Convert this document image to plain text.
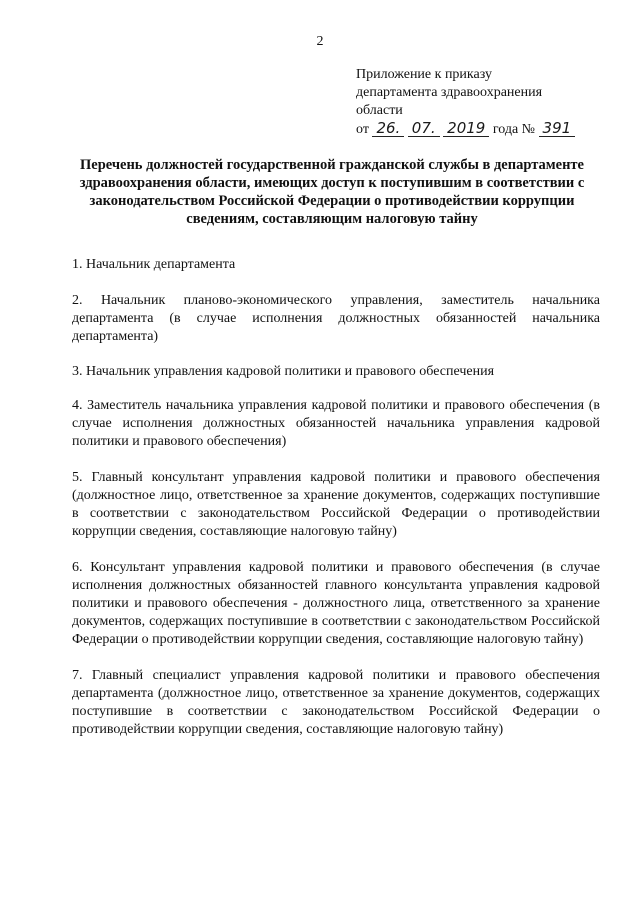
2
Приложение к приказу
департамента здравоохранения
области
от 26. 07. 2019 года № 391
Перечень должностей государственной гражданской службы в департаменте здравоохранения области, имеющих доступ к поступившим в соответствии с законодательством Российской Федерации о противодействии коррупции сведениям, составляющим налоговую тайну

1. Начальник департамента

2. Начальник планово-экономического управления, заместитель начальника департамента (в случае исполнения должностных обязанностей начальника департамента)

3. Начальник управления кадровой политики и правового обеспечения

4. Заместитель начальника управления кадровой политики и правового обеспечения (в случае исполнения должностных обязанностей начальника управления кадровой политики и правового обеспечения)

5. Главный консультант управления кадровой политики и правового обеспечения (должностное лицо, ответственное за хранение документов, содержащих поступившие в соответствии с законодательством Российской Федерации о противодействии коррупции сведения, составляющие налоговую тайну)

6. Консультант управления кадровой политики и правового обеспечения (в случае исполнения должностных обязанностей главного консультанта управления кадровой политики и правового обеспечения - должностного лица, ответственного за хранение документов, содержащих поступившие в соответствии с законодательством Российской Федерации о противодействии коррупции сведения, составляющие налоговую тайну)

7. Главный специалист управления кадровой политики и правового обеспечения департамента (должностное лицо, ответственное за хранение документов, содержащих поступившие в соответствии с законодательством Российской Федерации о противодействии коррупции сведения, составляющие налоговую тайну)
